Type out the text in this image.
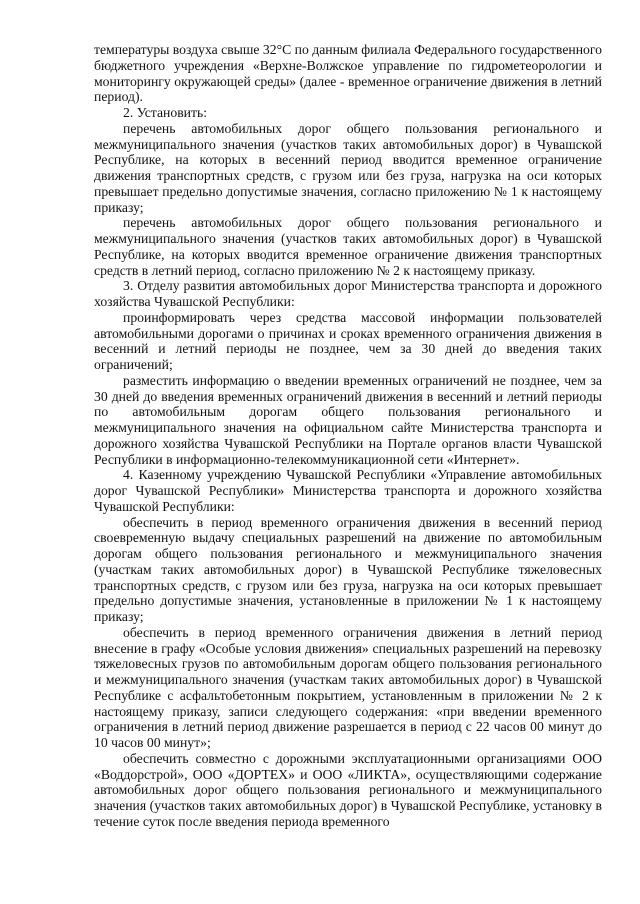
температуры воздуха свыше 32°С по данным филиала Федерального государственного бюджетного учреждения «Верхне-Волжское управление по гидрометеорологии и мониторингу окружающей среды» (далее - временное ограничение движения в летний период).

2. Установить:

перечень автомобильных дорог общего пользования регионального и межмуниципального значения (участков таких автомобильных дорог) в Чувашской Республике, на которых в весенний период вводится временное ограничение движения транспортных средств, с грузом или без груза, нагрузка на оси которых превышает предельно допустимые значения, согласно приложению № 1 к настоящему приказу;

перечень автомобильных дорог общего пользования регионального и межмуниципального значения (участков таких автомобильных дорог) в Чувашской Республике, на которых вводится временное ограничение движения транспортных средств в летний период, согласно приложению № 2 к настоящему приказу.

3. Отделу развития автомобильных дорог Министерства транспорта и дорожного хозяйства Чувашской Республики:

проинформировать через средства массовой информации пользователей автомобильными дорогами о причинах и сроках временного ограничения движения в весенний и летний периоды не позднее, чем за 30 дней до введения таких ограничений;

разместить информацию о введении временных ограничений не позднее, чем за 30 дней до введения временных ограничений движения в весенний и летний периоды по автомобильным дорогам общего пользования регионального и межмуниципального значения на официальном сайте Министерства транспорта и дорожного хозяйства Чувашской Республики на Портале органов власти Чувашской Республики в информационно-телекоммуникационной сети «Интернет».

4. Казенному учреждению Чувашской Республики «Управление автомобильных дорог Чувашской Республики» Министерства транспорта и дорожного хозяйства Чувашской Республики:

обеспечить в период временного ограничения движения в весенний период своевременную выдачу специальных разрешений на движение по автомобильным дорогам общего пользования регионального и межмуниципального значения (участкам таких автомобильных дорог) в Чувашской Республике тяжеловесных транспортных средств, с грузом или без груза, нагрузка на оси которых превышает предельно допустимые значения, установленные в приложении № 1 к настоящему приказу;

обеспечить в период временного ограничения движения в летний период внесение в графу «Особые условия движения» специальных разрешений на перевозку тяжеловесных грузов по автомобильным дорогам общего пользования регионального и межмуниципального значения (участкам таких автомобильных дорог) в Чувашской Республике с асфальтобетонным покрытием, установленным в приложении № 2 к настоящему приказу, записи следующего содержания: «при введении временного ограничения в летний период движение разрешается в период с 22 часов 00 минут до 10 часов 00 минут»;

обеспечить совместно с дорожными эксплуатационными организациями ООО «Воддорстрой», ООО «ДОРТЕХ» и ООО «ЛИКТА», осуществляющими содержание автомобильных дорог общего пользования регионального и межмуниципального значения (участков таких автомобильных дорог) в Чувашской Республике, установку в течение суток после введения периода временного
